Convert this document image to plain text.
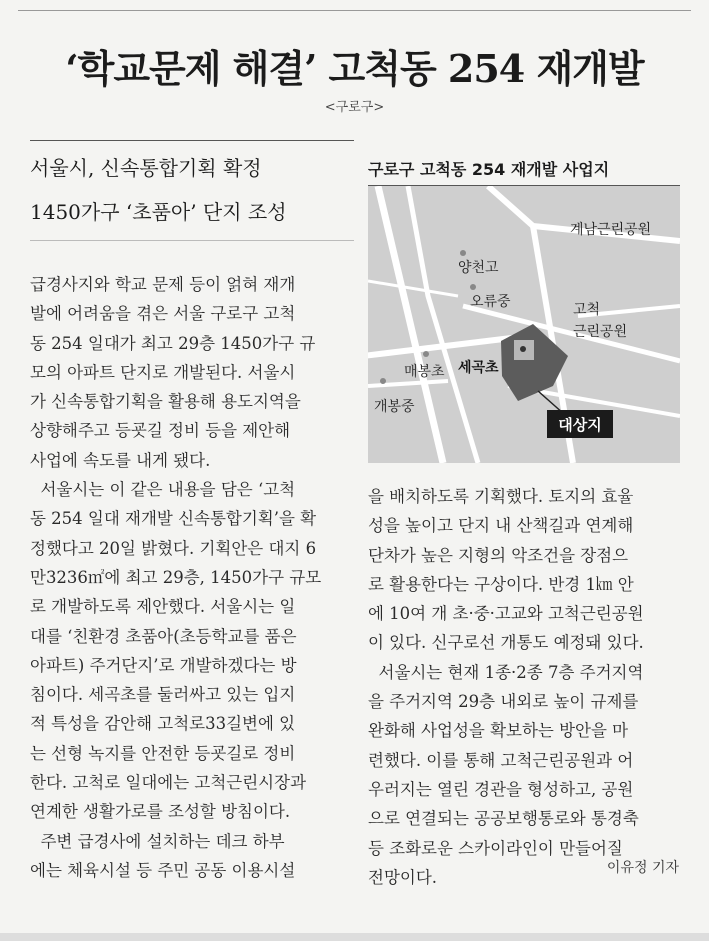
‘학교문제 해결’ 고척동 254 재개발
<구로구>
서울시, 신속통합기획 확정
1450가구 ‘초품아’ 단지 조성
급경사지와 학교 문제 등이 얽혀 재개
발에 어려움을 겪은 서울 구로구 고척
동 254 일대가 최고 29층 1450가구 규
모의 아파트 단지로 개발된다. 서울시
가 신속통합기획을 활용해 용도지역을
상향해주고 등굣길 정비 등을 제안해
사업에 속도를 내게 됐다.
서울시는 이 같은 내용을 담은 ‘고척
동 254 일대 재개발 신속통합기획’을 확
정했다고 20일 밝혔다. 기획안은 대지 6
만3236㎡에 최고 29층, 1450가구 규모
로 개발하도록 제안했다. 서울시는 일
대를 ‘친환경 초품아(초등학교를 품은
아파트) 주거단지’로 개발하겠다는 방
침이다. 세곡초를 둘러싸고 있는 입지
적 특성을 감안해 고척로33길변에 있
는 선형 녹지를 안전한 등굣길로 정비
한다. 고척로 일대에는 고척근린시장과
연계한 생활가로를 조성할 방침이다.
주변 급경사에 설치하는 데크 하부
에는 체육시설 등 주민 공동 이용시설
을 배치하도록 기획했다. 토지의 효율
성을 높이고 단지 내 산책길과 연계해
단차가 높은 지형의 악조건을 장점으
로 활용한다는 구상이다. 반경 1㎞ 안
에 10여 개 초·중·고교와 고척근린공원
이 있다. 신구로선 개통도 예정돼 있다.
서울시는 현재 1종·2종 7층 주거지역
을 주거지역 29층 내외로 높이 규제를
완화해 사업성을 확보하는 방안을 마
련했다. 이를 통해 고척근린공원과 어
우러지는 열린 경관을 형성하고, 공원
으로 연결되는 공공보행통로와 통경축
등 조화로운 스카이라인이 만들어질
전망이다.	이유정 기자
구로구 고척동 254 재개발 사업지
계남근린공원
양천고
오류중	고척
근린공원
매봉초 세곡초
개봉중
대상지
